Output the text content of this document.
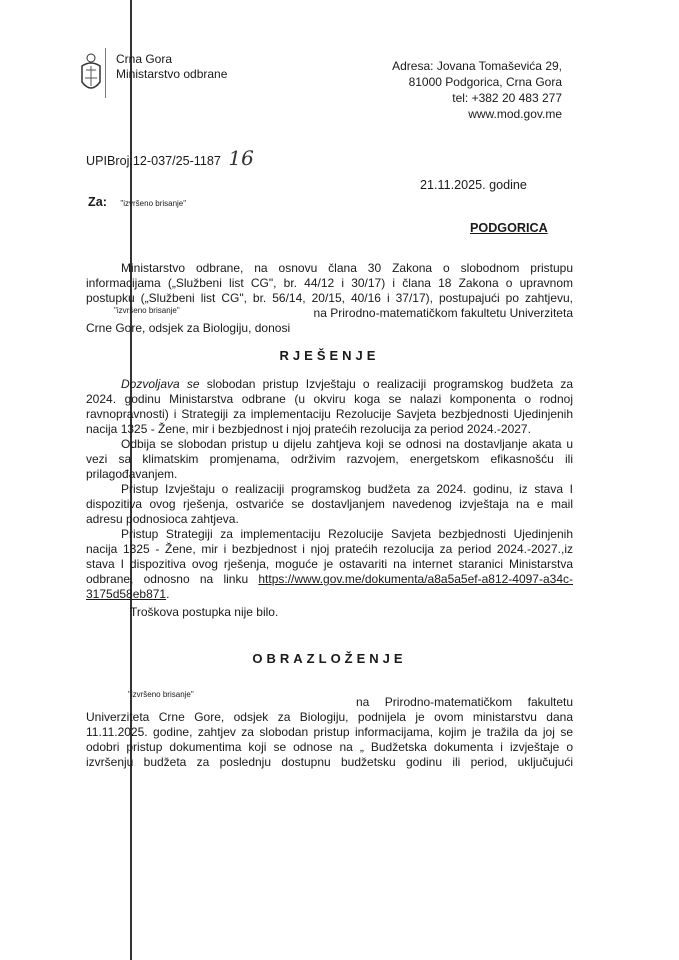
Crna Gora
Ministarstvo odbrane
Adresa: Jovana Tomaševića 29,
81000 Podgorica, Crna Gora
tel: +382 20 483 277
www.mod.gov.me
UPIBroj:12-037/25-1187 16
21.11.2025. godine
Za: "izvršeno brisanje"
PODGORICA
Ministarstvo odbrane, na osnovu člana 30 Zakona o slobodnom pristupu
informacijama („Službeni list CG", br. 44/12 i 30/17) i člana 18 Zakona o upravnom
postupku („Službeni list CG", br. 56/14, 20/15, 40/16 i 37/17), postupajući po zahtjevu,
"izvršeno brisanje"	na Prirodno-matematičkom fakultetu Univerziteta
Crne Gore, odsjek za Biologiju, donosi
RJEŠENJE
Dozvoljava se slobodan pristup Izvještaju o realizaciji programskog budžeta za
2024. godinu Ministarstva odbrane (u okviru koga se nalazi komponenta o rodnoj
ravnopravnosti) i Strategiji za implementaciju Rezolucije Savjeta bezbjednosti Ujedinjenih
nacija 1325 - Žene, mir i bezbjednost i njoj pratećih rezolucija za period 2024.-2027.
Odbija se slobodan pristup u dijelu zahtjeva koji se odnosi na dostavljanje akata u
vezi sa klimatskim promjenama, održivim razvojem, energetskom efikasnošću ili
prilagođavanjem.
Pristup Izvještaju o realizaciji programskog budžeta za 2024. godinu, iz stava I
dispozitiva ovog rješenja, ostvariće se dostavljanjem navedenog izvještaja na e mail
adresu podnosioca zahtjeva.
Pristup Strategiji za implementaciju Rezolucije Savjeta bezbjednosti Ujedinjenih
nacija 1325 - Žene, mir i bezbjednost i njoj pratećih rezolucija za period 2024.-2027.,iz
stava I dispozitiva ovog rješenja, moguće je ostavariti na internet staranici Ministarstva
odbrane, odnosno na linku https://www.gov.me/dokumenta/a8a5a5ef-a812-4097-a34c-
3175d58eb871.
Troškova postupka nije bilo.
OBRAZLOŽENJE
"izvršeno brisanje"
na Prirodno-matematičkom fakultetu
Univerziteta Crne Gore, odsjek za Biologiju, podnijela je ovom ministarstvu dana
11.11.2025. godine, zahtjev za slobodan pristup informacijama, kojim je tražila da joj se
odobri pristup dokumentima koji se odnose na „ Budžetska dokumenta i izvještaje o
izvršenju budžeta za poslednju dostupnu budžetsku godinu ili period, uključujući
